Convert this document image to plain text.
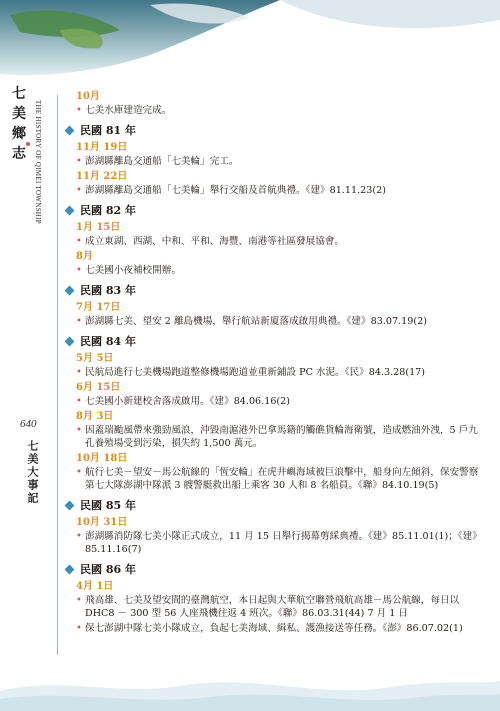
七
美
鄉
志 THE HISTORY OF QIMEI TOWNSHIP
640
七美大事記
10月
• 七美水庫建造完成。
民國 81 年
11月 19日
• 澎湖縣離島交通船「七美輪」完工。
11月 22日
• 澎湖縣離島交通船「七美輪」舉行交船及首航典禮。《建》81.11.23(2)
民國 82 年
1月 15日
• 成立東湖、西湖、中和、平和、海豐、南港等社區發展協會。
8月
• 七美國小夜補校開辦。
民國 83 年
7月 17日
• 澎湖縣七美、望安 2 離島機場，舉行航站新廈落成啟用典禮。《建》83.07.19(2)
民國 84 年
5月 5日
• 民航局進行七美機場跑道整修機場跑道並重新鋪設 PC 水泥。《民》84.3.28(17)
6月 15日
• 七美國小新建校舍落成啟用。《建》84.06.16(2)
8月 3日
• 因蓋瑞颱風帶來強勁風浪，沖毀南滬港外巴拿馬籍的觸礁貨輪海衛號，造成燃油外洩，5 戶九孔養殖場受到污染，損失約 1,500 萬元。
10月 18日
• 航行七美－望安－馬公航線的「恆安輪」在虎井嶼海域被巨浪擊中，船身向左傾斜，保安警察第七大隊澎湖中隊派 3 艘警艇救出船上乘客 30 人和 8 名船員。《聯》84.10.19(5)
民國 85 年
10月 31日
• 澎湖縣消防隊七美小隊正式成立，11 月 15 日舉行揭幕剪綵典禮。《建》85.11.01(1)；《建》85.11.16(7)
民國 86 年
4月 1日
• 飛高雄、七美及望安間的臺灣航空，本日起與大華航空聯營飛航高雄－馬公航線，每日以 DHC8 － 300 型 56 人座飛機往返 4 班次。《聯》86.03.31(44) 7 月 1 日
• 保七澎湖中隊七美小隊成立，負起七美海域、緝私、護漁接送等任務。《澎》86.07.02(1)
